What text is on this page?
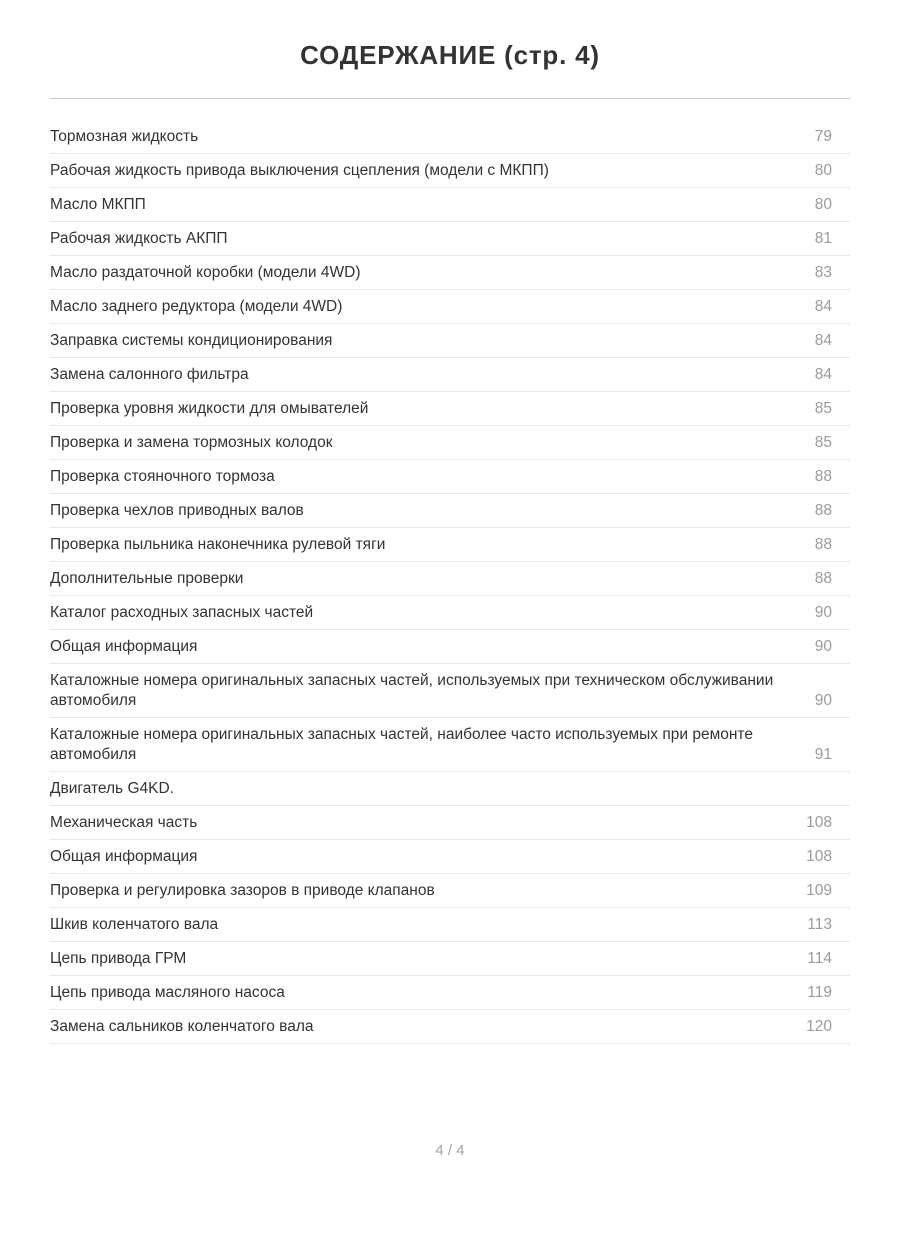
СОДЕРЖАНИЕ (стр. 4)
Тормозная жидкость	79
Рабочая жидкость привода выключения сцепления (модели с МКПП)	80
Масло МКПП	80
Рабочая жидкость АКПП	81
Масло раздаточной коробки (модели 4WD)	83
Масло заднего редуктора (модели 4WD)	84
Заправка системы кондиционирования	84
Замена салонного фильтра	84
Проверка уровня жидкости для омывателей	85
Проверка и замена тормозных колодок	85
Проверка стояночного тормоза	88
Проверка чехлов приводных валов	88
Проверка пыльника наконечника рулевой тяги	88
Дополнительные проверки	88
Каталог расходных запасных частей	90
Общая информация	90
Каталожные номера оригинальных запасных частей, используемых при техническом обслуживании автомобиля	90
Каталожные номера оригинальных запасных частей, наиболее часто используемых при ремонте автомобиля	91
Двигатель G4KD.
Механическая часть	108
Общая информация	108
Проверка и регулировка зазоров в приводе клапанов	109
Шкив коленчатого вала	113
Цепь привода ГРМ	114
Цепь привода масляного насоса	119
Замена сальников коленчатого вала	120
4 / 4
